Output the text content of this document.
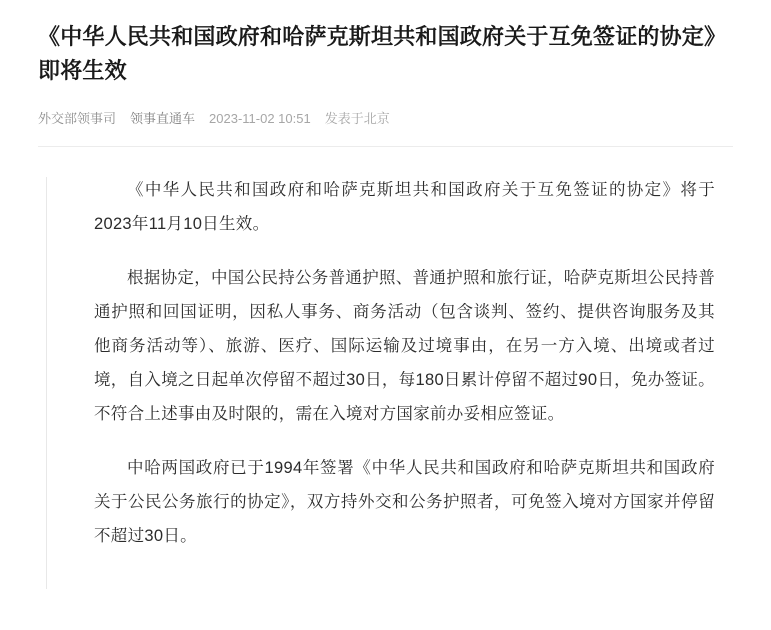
《中华人民共和国政府和哈萨克斯坦共和国政府关于互免签证的协定》即将生效
外交部领事司 领事直通车 2023-11-02 10:51 发表于北京

《中华人民共和国政府和哈萨克斯坦共和国政府关于互免签证的协定》将于2023年11月10日生效。

根据协定，中国公民持公务普通护照、普通护照和旅行证，哈萨克斯坦公民持普通护照和回国证明，因私人事务、商务活动（包含谈判、签约、提供咨询服务及其他商务活动等）、旅游、医疗、国际运输及过境事由，在另一方入境、出境或者过境，自入境之日起单次停留不超过30日，每180日累计停留不超过90日，免办签证。不符合上述事由及时限的，需在入境对方国家前办妥相应签证。

中哈两国政府已于1994年签署《中华人民共和国政府和哈萨克斯坦共和国政府关于公民公务旅行的协定》，双方持外交和公务护照者，可免签入境对方国家并停留不超过30日。
